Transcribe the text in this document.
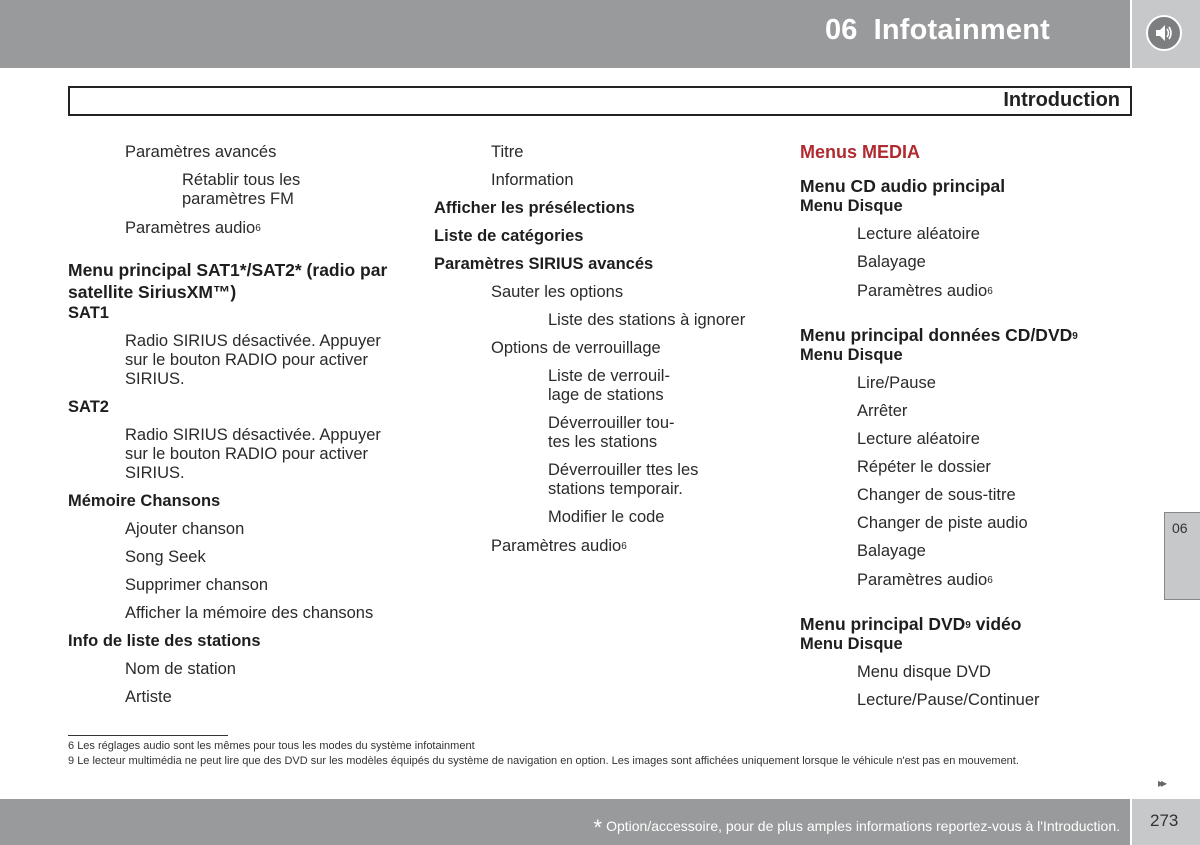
06 Infotainment
Introduction
Paramètres avancés
Rétablir tous les
paramètres FM
Paramètres audio$^6$
Menu principal SAT1*/SAT2* (radio par
satellite SiriusXM™)
SAT1
Radio SIRIUS désactivée. Appuyer
sur le bouton RADIO pour activer
SIRIUS.
SAT2
Radio SIRIUS désactivée. Appuyer
sur le bouton RADIO pour activer
SIRIUS.
Mémoire Chansons
Ajouter chanson
Song Seek
Supprimer chanson
Afficher la mémoire des chansons
Info de liste des stations
Nom de station
Artiste
Titre
Information
Afficher les présélections
Liste de catégories
Paramètres SIRIUS avancés
Sauter les options
Liste des stations à ignorer
Options de verrouillage
Liste de verrouil-
lage de stations
Déverrouiller tou-
tes les stations
Déverrouiller ttes les
stations temporair.
Modifier le code
Paramètres audio$^6$
Menus MEDIA
Menu CD audio principal
Menu Disque
Lecture aléatoire
Balayage
Paramètres audio$^6$
Menu principal données CD/DVD$^9$
Menu Disque
Lire/Pause
Arrêter
Lecture aléatoire
Répéter le dossier
Changer de sous-titre
Changer de piste audio
Balayage
Paramètres audio$^6$
Menu principal DVD$^9$ vidéo
Menu Disque
Menu disque DVD
Lecture/Pause/Continuer
6 Les réglages audio sont les mêmes pour tous les modes du système infotainment
9 Le lecteur multimédia ne peut lire que des DVD sur les modèles équipés du système de navigation en option. Les images sont affichées uniquement lorsque le véhicule n'est pas en mouvement.
▸▸
06
* Option/accessoire, pour de plus amples informations reportez-vous à l'Introduction. 273
